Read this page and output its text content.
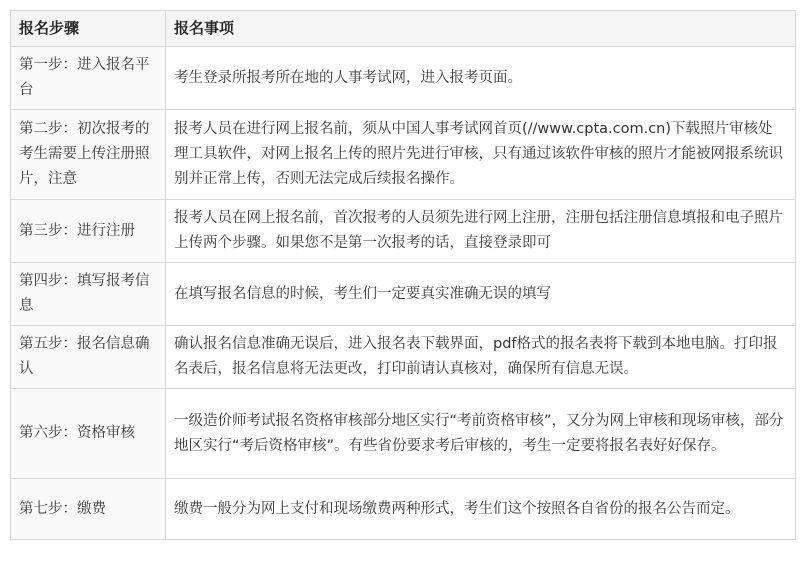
报名步骤	报名事项
第一步：进入报名平台	考生登录所报考所在地的人事考试网，进入报考页面。
第二步：初次报考的考生需要上传注册照片，注意	报考人员在进行网上报名前，须从中国人事考试网首页(//www.cpta.com.cn)下载照片审核处理工具软件，对网上报名上传的照片先进行审核，只有通过该软件审核的照片才能被网报系统识别并正常上传，否则无法完成后续报名操作。
第三步：进行注册	报考人员在网上报名前，首次报考的人员须先进行网上注册，注册包括注册信息填报和电子照片上传两个步骤。如果您不是第一次报考的话，直接登录即可
第四步：填写报考信息	在填写报名信息的时候，考生们一定要真实准确无误的填写
第五步：报名信息确认	确认报名信息准确无误后，进入报名表下载界面，pdf格式的报名表将下载到本地电脑。打印报名表后，报名信息将无法更改，打印前请认真核对，确保所有信息无误。
第六步：资格审核	一级造价师考试报名资格审核部分地区实行“考前资格审核”，又分为网上审核和现场审核，部分地区实行“考后资格审核”。有些省份要求考后审核的，考生一定要将报名表好好保存。
第七步：缴费	缴费一般分为网上支付和现场缴费两种形式，考生们这个按照各自省份的报名公告而定。
